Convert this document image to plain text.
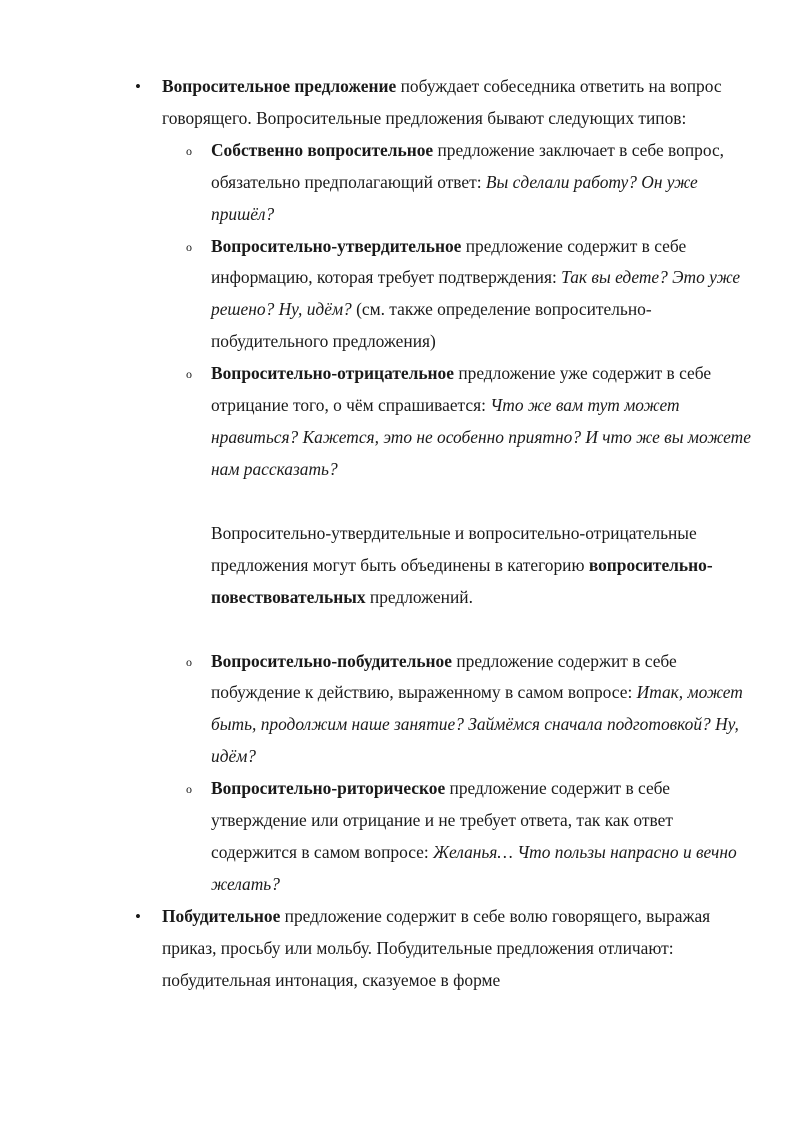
• Вопросительное предложение побуждает собеседника ответить на вопрос говорящего. Вопросительные предложения бывают следующих типов:
o Собственно вопросительное предложение заключает в себе вопрос, обязательно предполагающий ответ: Вы сделали работу? Он уже пришёл?
o Вопросительно-утвердительное предложение содержит в себе информацию, которая требует подтверждения: Так вы едете? Это уже решено? Ну, идём? (см. также определение вопросительно-побудительного предложения)
o Вопросительно-отрицательное предложение уже содержит в себе отрицание того, о чём спрашивается: Что же вам тут может нравиться? Кажется, это не особенно приятно? И что же вы можете нам рассказать?
Вопросительно-утвердительные и вопросительно-отрицательные предложения могут быть объединены в категорию вопросительно-повествовательных предложений.
o Вопросительно-побудительное предложение содержит в себе побуждение к действию, выраженному в самом вопросе: Итак, может быть, продолжим наше занятие? Займёмся сначала подготовкой? Ну, идём?
o Вопросительно-риторическое предложение содержит в себе утверждение или отрицание и не требует ответа, так как ответ содержится в самом вопросе: Желанья… Что пользы напрасно и вечно желать?
• Побудительное предложение содержит в себе волю говорящего, выражая приказ, просьбу или мольбу. Побудительные предложения отличают: побудительная интонация, сказуемое в форме
